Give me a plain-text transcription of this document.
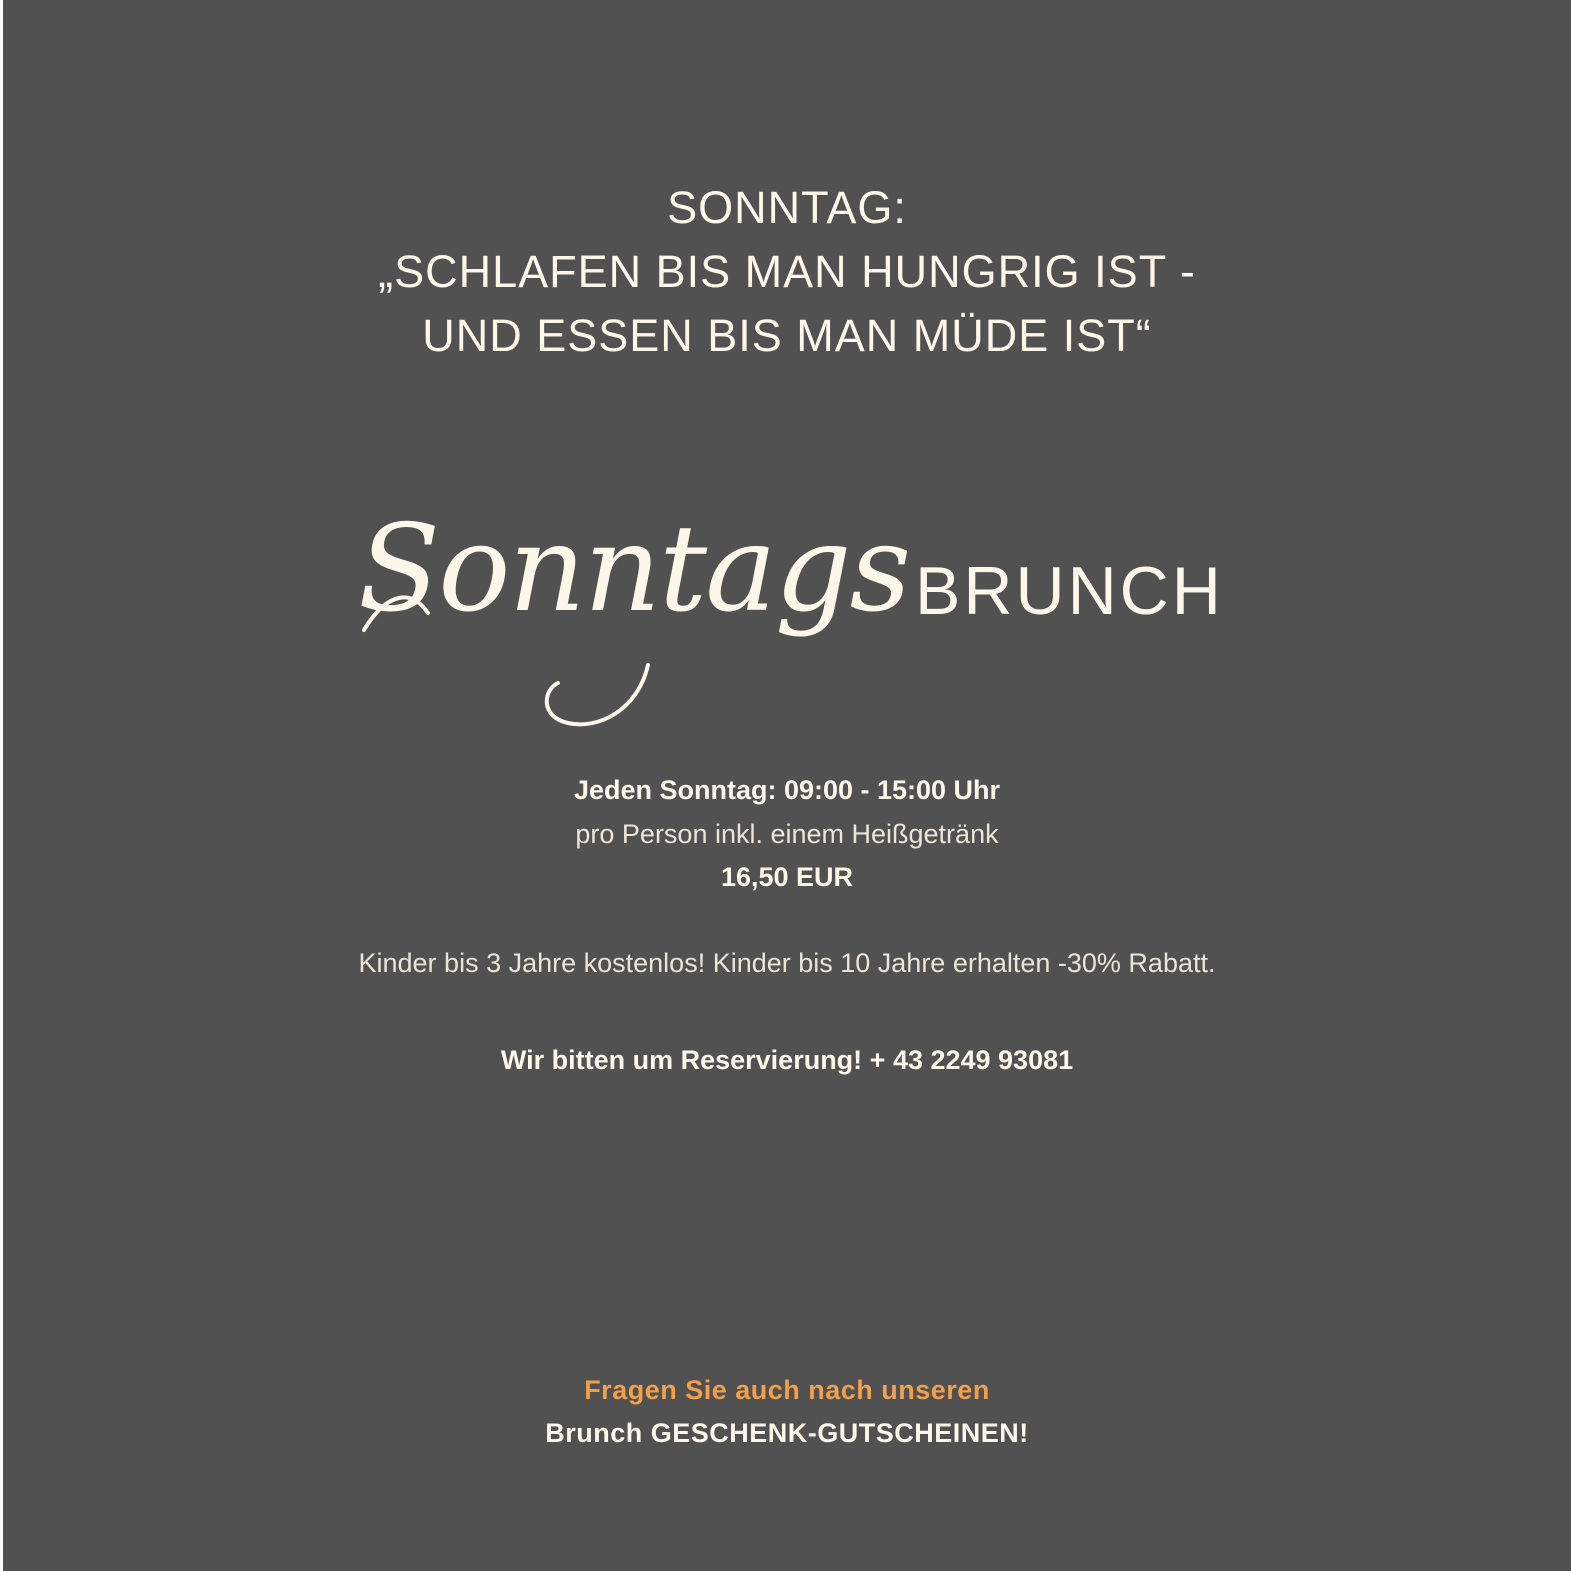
SONNTAG:
„SCHLAFEN BIS MAN HUNGRIG IST -
UND ESSEN BIS MAN MÜDE IST“
Sonntags BRUNCH
Jeden Sonntag: 09:00 - 15:00 Uhr
pro Person inkl. einem Heißgetränk
16,50 EUR
Kinder bis 3 Jahre kostenlos! Kinder bis 10 Jahre erhalten -30% Rabatt.
Wir bitten um Reservierung! + 43 2249 93081
Fragen Sie auch nach unseren
Brunch GESCHENK-GUTSCHEINEN!
